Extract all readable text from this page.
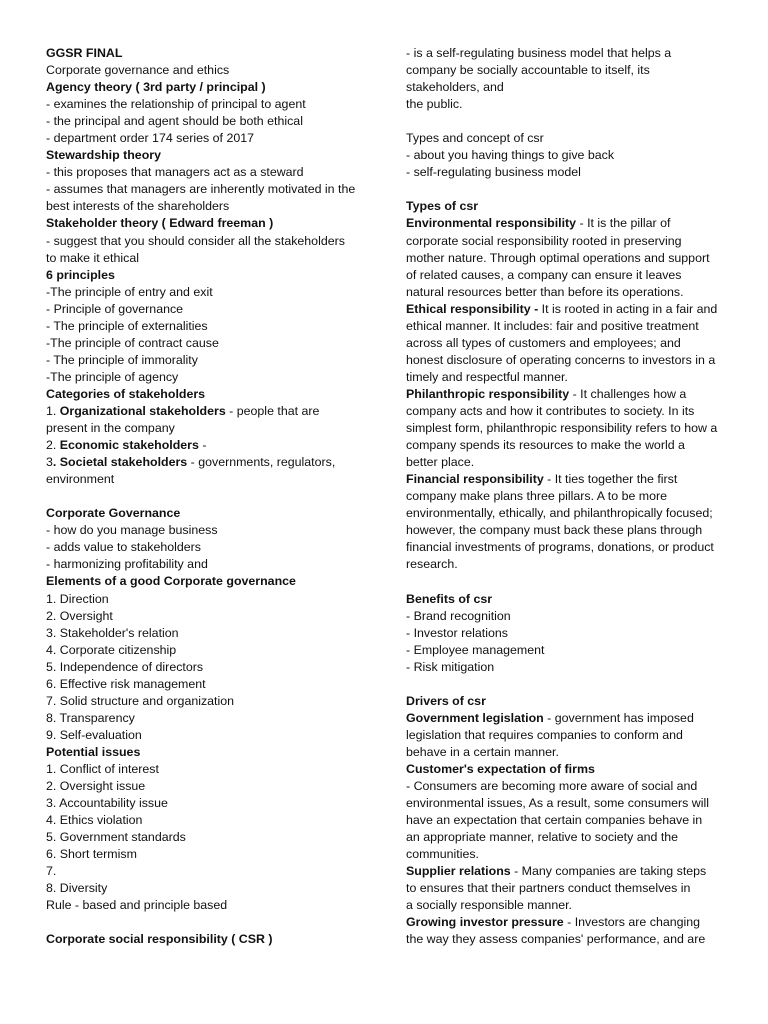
GGSR FINAL
Corporate governance and ethics
Agency theory ( 3rd party / principal )
- examines the relationship of principal to agent
- the principal and agent should be both ethical
- department order 174 series of 2017
Stewardship theory
- this proposes that managers act as a steward
- assumes that managers are inherently motivated in the
best interests of the shareholders
Stakeholder theory ( Edward freeman )
- suggest that you should consider all the stakeholders
to make it ethical
6 principles
-The principle of entry and exit
- Principle of governance
- The principle of externalities
-The principle of contract cause
- The principle of immorality
-The principle of agency
Categories of stakeholders
1. Organizational stakeholders - people that are
present in the company
2. Economic stakeholders -
3. Societal stakeholders - governments, regulators,
environment
Corporate Governance
- how do you manage business
- adds value to stakeholders
- harmonizing profitability and
Elements of a good Corporate governance
1. Direction
2. Oversight
3. Stakeholder's relation
4. Corporate citizenship
5. Independence of directors
6. Effective risk management
7. Solid structure and organization
8. Transparency
9. Self-evaluation
Potential issues
1. Conflict of interest
2. Oversight issue
3. Accountability issue
4. Ethics violation
5. Government standards
6. Short termism
7.
8. Diversity
Rule - based and principle based
Corporate social responsibility ( CSR )
- is a self-regulating business model that helps a
company be socially accountable to itself, its
stakeholders, and
the public.
Types and concept of csr
- about you having things to give back
- self-regulating business model
Types of csr
Environmental responsibility - It is the pillar of
corporate social responsibility rooted in preserving
mother nature. Through optimal operations and support
of related causes, a company can ensure it leaves
natural resources better than before its operations.
Ethical responsibility - It is rooted in acting in a fair and
ethical manner. It includes: fair and positive treatment
across all types of customers and employees; and
honest disclosure of operating concerns to investors in a
timely and respectful manner.
Philanthropic responsibility - It challenges how a
company acts and how it contributes to society. In its
simplest form, philanthropic responsibility refers to how a
company spends its resources to make the world a
better place.
Financial responsibility - It ties together the first
company make plans three pillars. A to be more
environmentally, ethically, and philanthropically focused;
however, the company must back these plans through
financial investments of programs, donations, or product
research.
Benefits of csr
- Brand recognition
- Investor relations
- Employee management
- Risk mitigation
Drivers of csr
Government legislation - government has imposed
legislation that requires companies to conform and
behave in a certain manner.
Customer's expectation of firms
- Consumers are becoming more aware of social and
environmental issues, As a result, some consumers will
have an expectation that certain companies behave in
an appropriate manner, relative to society and the
communities.
Supplier relations - Many companies are taking steps
to ensures that their partners conduct themselves in
a socially responsible manner.
Growing investor pressure - Investors are changing
the way they assess companies' performance, and are
